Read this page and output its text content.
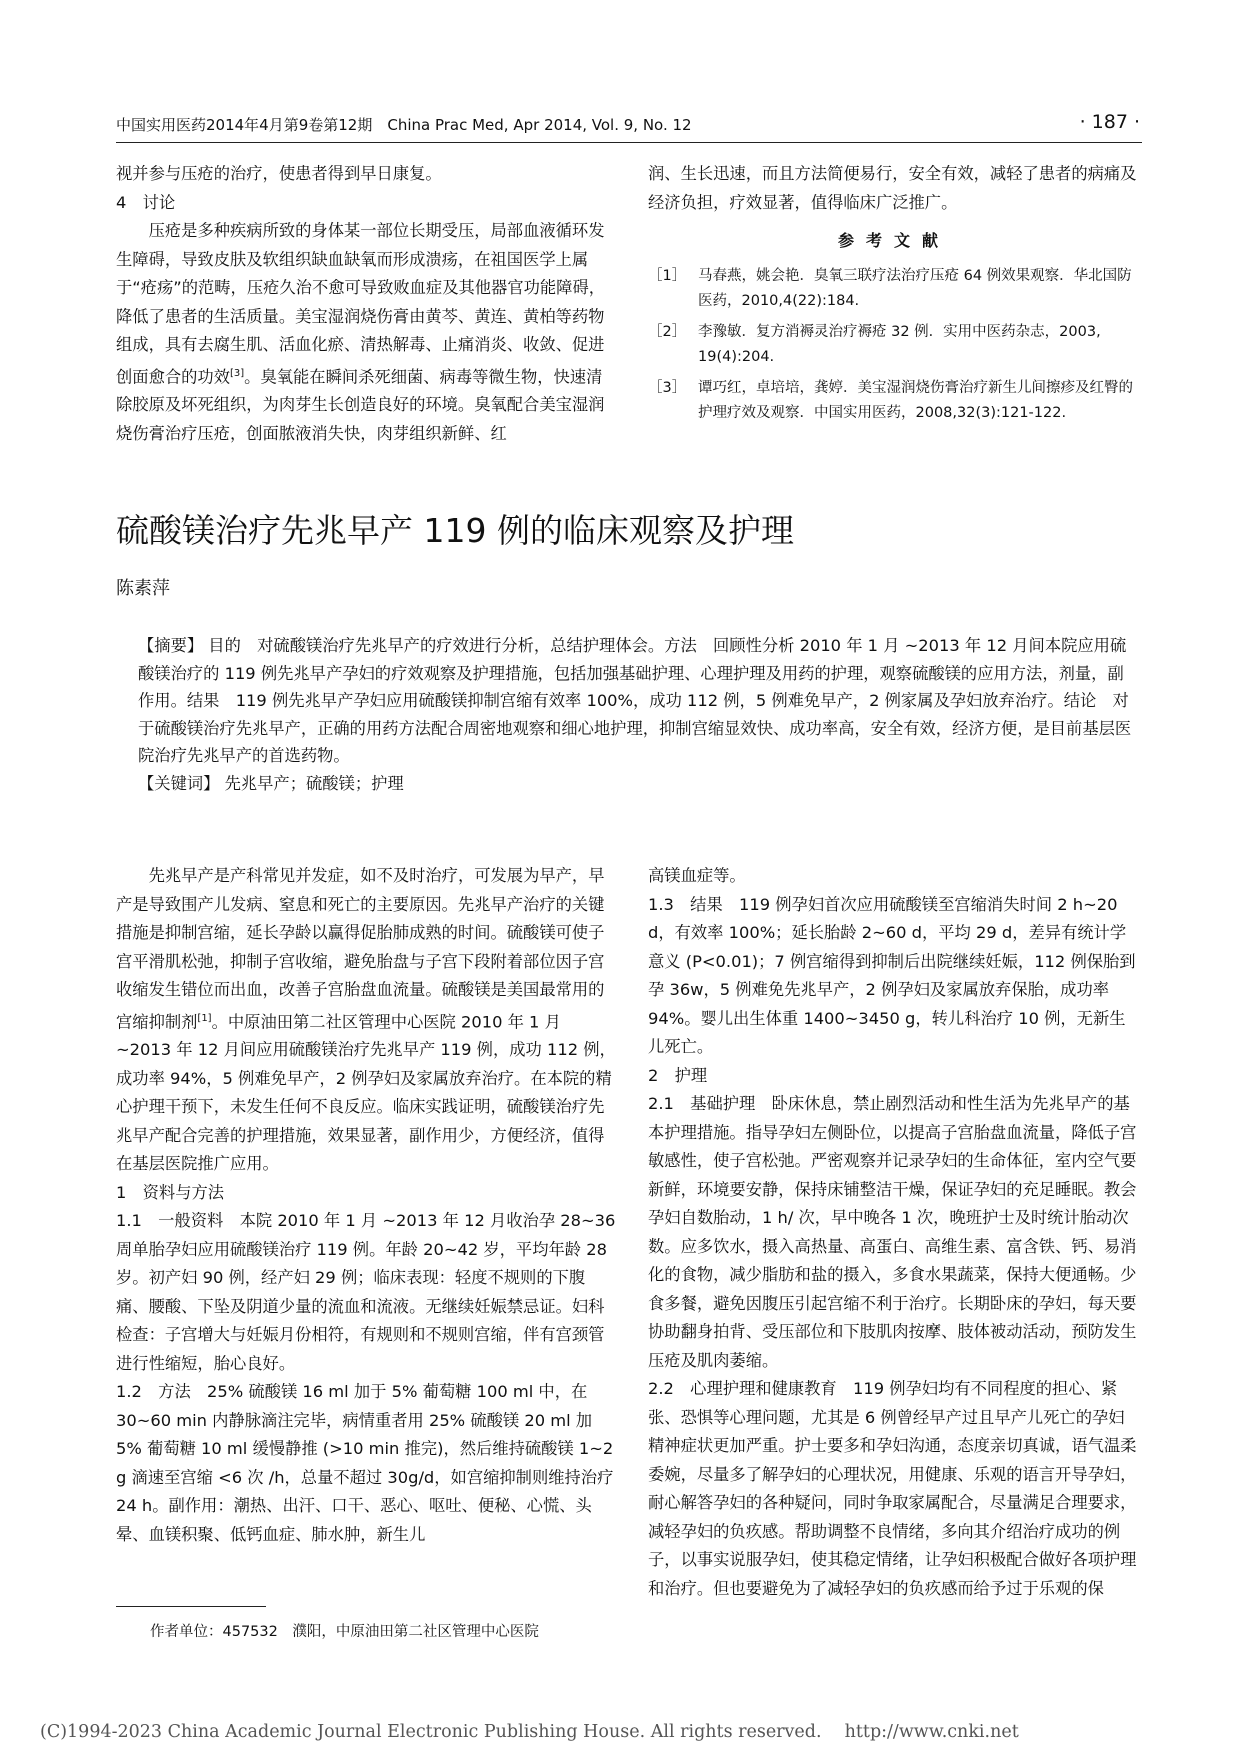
中国实用医药2014年4月第9卷第12期　China Prac Med, Apr 2014, Vol. 9, No. 12	· 187 ·

视并参与压疮的治疗，使患者得到早日康复。

4　讨论

压疮是多种疾病所致的身体某一部位长期受压，局部血液循环发生障碍，导致皮肤及软组织缺血缺氧而形成溃疡，在祖国医学上属于“疮疡”的范畴，压疮久治不愈可导致败血症及其他器官功能障碍，降低了患者的生活质量。美宝湿润烧伤膏由黄芩、黄连、黄柏等药物组成，具有去腐生肌、活血化瘀、清热解毒、止痛消炎、收敛、促进创面愈合的功效[3]。臭氧能在瞬间杀死细菌、病毒等微生物，快速清除胶原及坏死组织，为肉芽生长创造良好的环境。臭氧配合美宝湿润烧伤膏治疗压疮，创面脓液消失快，肉芽组织新鲜、红

润、生长迅速，而且方法简便易行，安全有效，减轻了患者的病痛及经济负担，疗效显著，值得临床广泛推广。

参考文献
［1］ 马春燕，姚会艳．臭氧三联疗法治疗压疮 64 例效果观察．华北国防医药，2010,4(22):184.
［2］ 李豫敏．复方消褥灵治疗褥疮 32 例．实用中医药杂志，2003, 19(4):204.
［3］ 谭巧红，卓培培，龚婷．美宝湿润烧伤膏治疗新生儿间擦疹及红臀的护理疗效及观察．中国实用医药，2008,32(3):121-122.
硫酸镁治疗先兆早产 119 例的临床观察及护理
陈素萍

【摘要】 目的　对硫酸镁治疗先兆早产的疗效进行分析，总结护理体会。方法　回顾性分析 2010 年 1 月 ~2013 年 12 月间本院应用硫酸镁治疗的 119 例先兆早产孕妇的疗效观察及护理措施，包括加强基础护理、心理护理及用药的护理，观察硫酸镁的应用方法，剂量，副作用。结果　119 例先兆早产孕妇应用硫酸镁抑制宫缩有效率 100%，成功 112 例，5 例难免早产，2 例家属及孕妇放弃治疗。结论　对于硫酸镁治疗先兆早产，正确的用药方法配合周密地观察和细心地护理，抑制宫缩显效快、成功率高，安全有效，经济方便，是目前基层医院治疗先兆早产的首选药物。

【关键词】 先兆早产；硫酸镁；护理

先兆早产是产科常见并发症，如不及时治疗，可发展为早产，早产是导致围产儿发病、窒息和死亡的主要原因。先兆早产治疗的关键措施是抑制宫缩，延长孕龄以赢得促胎肺成熟的时间。硫酸镁可使子宫平滑肌松弛，抑制子宫收缩，避免胎盘与子宫下段附着部位因子宫收缩发生错位而出血，改善子宫胎盘血流量。硫酸镁是美国最常用的宫缩抑制剂[1]。中原油田第二社区管理中心医院 2010 年 1 月 ~2013 年 12 月间应用硫酸镁治疗先兆早产 119 例，成功 112 例，成功率 94%，5 例难免早产，2 例孕妇及家属放弃治疗。在本院的精心护理干预下，未发生任何不良反应。临床实践证明，硫酸镁治疗先兆早产配合完善的护理措施，效果显著，副作用少，方便经济，值得在基层医院推广应用。

1　资料与方法

1.1　一般资料　本院 2010 年 1 月 ~2013 年 12 月收治孕 28~36 周单胎孕妇应用硫酸镁治疗 119 例。年龄 20~42 岁，平均年龄 28 岁。初产妇 90 例，经产妇 29 例；临床表现：轻度不规则的下腹痛、腰酸、下坠及阴道少量的流血和流液。无继续妊娠禁忌证。妇科检查：子宫增大与妊娠月份相符，有规则和不规则宫缩，伴有宫颈管进行性缩短，胎心良好。

1.2　方法　25% 硫酸镁 16 ml 加于 5% 葡萄糖 100 ml 中，在 30~60 min 内静脉滴注完毕，病情重者用 25% 硫酸镁 20 ml 加 5% 葡萄糖 10 ml 缓慢静推 (>10 min 推完)，然后维持硫酸镁 1~2 g 滴速至宫缩 <6 次 /h，总量不超过 30g/d，如宫缩抑制则维持治疗 24 h。副作用：潮热、出汗、口干、恶心、呕吐、便秘、心慌、头晕、血镁积聚、低钙血症、肺水肿，新生儿

高镁血症等。

1.3　结果　119 例孕妇首次应用硫酸镁至宫缩消失时间 2 h~20 d，有效率 100%；延长胎龄 2~60 d，平均 29 d，差异有统计学意义 (P<0.01)；7 例宫缩得到抑制后出院继续妊娠，112 例保胎到孕 36w，5 例难免先兆早产，2 例孕妇及家属放弃保胎，成功率 94%。婴儿出生体重 1400~3450 g，转儿科治疗 10 例，无新生儿死亡。

2　护理

2.1　基础护理　卧床休息，禁止剧烈活动和性生活为先兆早产的基本护理措施。指导孕妇左侧卧位，以提高子宫胎盘血流量，降低子宫敏感性，使子宫松弛。严密观察并记录孕妇的生命体征，室内空气要新鲜，环境要安静，保持床铺整洁干燥，保证孕妇的充足睡眠。教会孕妇自数胎动，1 h/ 次，早中晚各 1 次，晚班护士及时统计胎动次数。应多饮水，摄入高热量、高蛋白、高维生素、富含铁、钙、易消化的食物，减少脂肪和盐的摄入，多食水果蔬菜，保持大便通畅。少食多餐，避免因腹压引起宫缩不利于治疗。长期卧床的孕妇，每天要协助翻身拍背、受压部位和下肢肌肉按摩、肢体被动活动，预防发生压疮及肌肉萎缩。

2.2　心理护理和健康教育　119 例孕妇均有不同程度的担心、紧张、恐惧等心理问题，尤其是 6 例曾经早产过且早产儿死亡的孕妇精神症状更加严重。护士要多和孕妇沟通，态度亲切真诚，语气温柔委婉，尽量多了解孕妇的心理状况，用健康、乐观的语言开导孕妇，耐心解答孕妇的各种疑问，同时争取家属配合，尽量满足合理要求，减轻孕妇的负疚感。帮助调整不良情绪，多向其介绍治疗成功的例子，以事实说服孕妇，使其稳定情绪，让孕妇积极配合做好各项护理和治疗。但也要避免为了减轻孕妇的负疚感而给予过于乐观的保

作者单位：457532　濮阳，中原油田第二社区管理中心医院
(C)1994-2023 China Academic Journal Electronic Publishing House. All rights reserved.　 http://www.cnki.net
